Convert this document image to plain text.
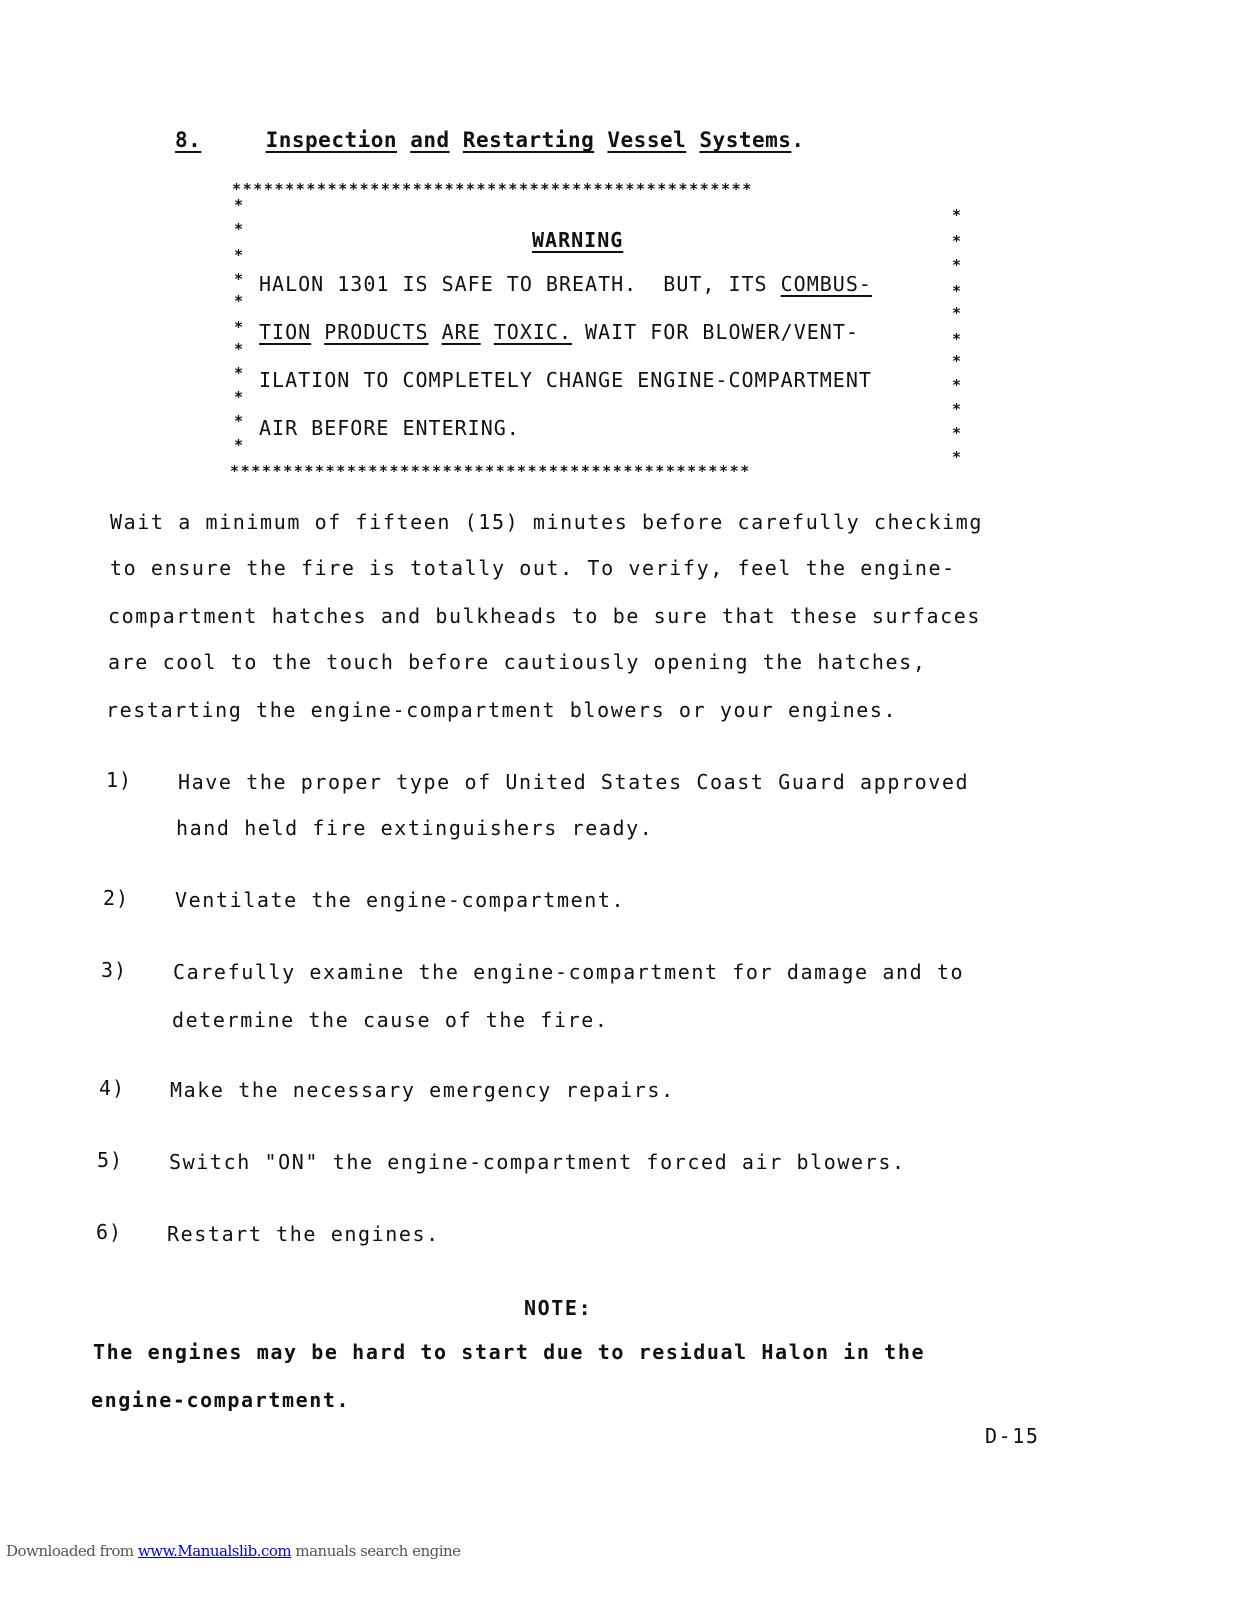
8.	Inspection and Restarting Vessel Systems.
*************************************************
*
*
*
*
*
*
*
*
*
*
*
*
*
*
*
*
*
*
*
*
*
*
WARNING
HALON 1301 IS SAFE TO BREATH.  BUT, ITS COMBUS-
TION PRODUCTS ARE TOXIC. WAIT FOR BLOWER/VENT-
ILATION TO COMPLETELY CHANGE ENGINE-COMPARTMENT
AIR BEFORE ENTERING.
*************************************************
Wait a minimum of fifteen (15) minutes before carefully checkimg
to ensure the fire is totally out. To verify, feel the engine-
compartment hatches and bulkheads to be sure that these surfaces
are cool to the touch before cautiously opening the hatches,
restarting the engine-compartment blowers or your engines.
1) Have the proper type of United States Coast Guard approved
hand held fire extinguishers ready.
2) Ventilate the engine-compartment.
3) Carefully examine the engine-compartment for damage and to
determine the cause of the fire.
4) Make the necessary emergency repairs.
5) Switch "ON" the engine-compartment forced air blowers.
6) Restart the engines.
NOTE:
The engines may be hard to start due to residual Halon in the
engine-compartment.
D-15
Downloaded from www.Manualslib.com manuals search engine
